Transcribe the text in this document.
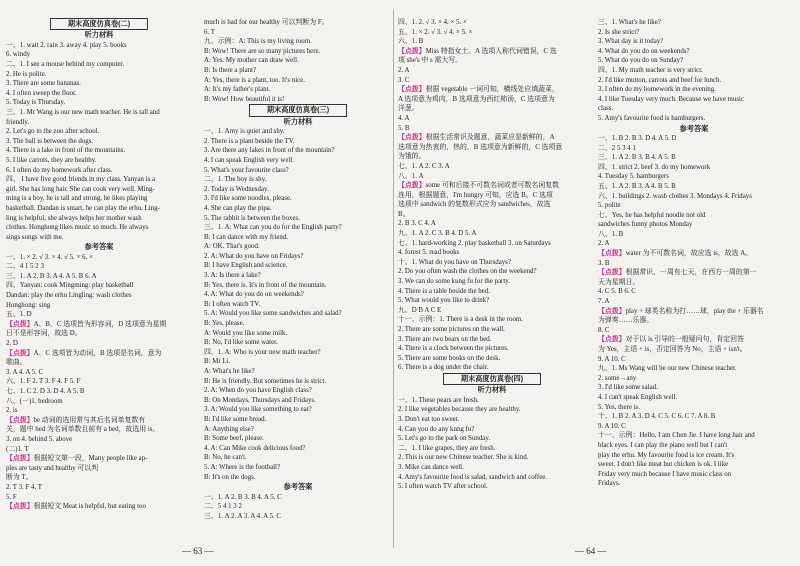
期末高度仿真卷(二)
听力材料
一、1. wait 2. rain 3. away 4. play 5. books
6. windy
二、1. I see a mouse behind my computer.
2. He is polite.
3. There are some bananas.
4. I often sweep the floor.
5. Today is Thursday.
三、1. Mr Wang is our new math teacher. He is tall and
friendly.
2. Let's go to the zoo after school.
3. The ball is between the dogs.
4. There is a lake in front of the mountains.
5. I like carrots, they are healthy.
6. I often do my homework after class.
四、 I have five good friends in my class. Yanyan is a
girl. She has long hair. She can cook very well. Ming-
ming is a boy, he is tall and strong, he likes playing
basketball. Dandan is smart, he can play the erhu. Ling-
ling is helpful, she always helps her mother wash
clothes. Honghong likes music so much. He always
sings songs with me.
参考答案
一、1. × 2. √ 3. × 4. √ 5. × 6. ×
二、4 1 5 2 3
三、1. A 2. B 3. A 4. A 5. B 6. A
四、Yanyan: cook Mingming: play basketball
Dandan: play the erhu Lingling: wash clothes
Honghong: sing
五、1. D
【点拨】A、B、C 选项皆为形容词，D 选项意为星期
日不是形容词，故选 D。
2. D
【点拨】A、C 选项皆为动词，B 选项是名词，意为
歌曲。
3. A 4. A 5. C
六、1. F 2. T 3. F 4. F 5. F
七、1. C 2. D 3. D 4. A 5. B
八、(一)1. bedroom
2. is
【点拨】be 动词的选用常与其后名词单复数有
关，题中 bed 为名词单数且前有 a bed，故选用 is。
3. on 4. behind 5. above
(二)1. T
【点拨】根据短文第一段，Many people like ap-
ples are tasty and healthy 可以判
断为 T。
2. T 3. F 4. T
5. F
【点拨】根据短文 Meat is helpful, but eating too
much is bad for our healthy 可以判断为 F。
6. T
九、示例：A: This is my living room.
B: Wow! There are so many pictures here.
A: Yes. My mother can draw well.
B: Is there a plant?
A: Yes, there is a plant, too. It's nice.
A: It's my father's plant.
B: Wow! How beautiful it is!
期末高度仿真卷(三)
听力材料
一、1. Amy is quiet and shy.
2. There is a plant beside the TV.
3. Are there any lakes in front of the mountain?
4. I can speak English very well.
5. What's your favourite class?
二、1. The boy is shy.
2. Today is Wednesday.
3. I'd like some noodles, please.
4. She can play the pipa.
5. The rabbit is between the boxes.
三、1. A: What can you do for the English party?
B: I can dance with my friend.
A: OK. That's good.
2. A: What do you have on Fridays?
B: I have English and science.
3. A: Is there a lake?
B: Yes, there is. It's in front of the mountain.
4. A: What do you do on weekends?
B: I often watch TV.
5. A: Would you like some sandwiches and salad?
B: Yes, please.
A: Would you like some milk.
B: No, I'd like some water.
四、1. A: Who is your new math teacher?
B: Mr Li.
A: What's he like?
B: He is friendly. But sometimes he is strict.
2. A: When do you have English class?
B: On Mondays, Thursdays and Fridays.
3. A: Would you like something to eat?
B: I'd like some bread.
A: Anything else?
B: Some beef, please.
4. A: Can Mike cook delicious food?
B: No, he can't.
5. A: Where is the football?
B: It's on the dogs.
参考答案
一、1. A 2. B 3. B 4. A 5. C
二、5 4 1 3 2
三、1. A 2. A 3. A 4. A 5. C
四、1. 2. √ 3. × 4. × 5. ×
五、1. × 2. √ 3. √ 4. × 5. ×
六、1. B
【点拨】Miss 特指女士。A 选项人称代词错误，C 选
项 she's 中 s 需大写。
2. A
3. C
【点拨】根据 vegetable 一词可知，横线处应填蔬菜，
A 选项意为鸡肉，B 选项意为西红柿汤，C 选项意为
洋葱。
4. A
5. B
【点拨】根据生活常识及题意，蔬菜应是新鲜的，A
选项意为热衷的，热的，B 选项意为新鲜的，C 选项意
为饿的。
七、1. A 2. C 3. A
八、1. A
【点拨】some 可和后接不可数名词或者可数名词复数
连用，根据题意，I'm hungry 可知，应选 B。C 选项
选项中 sandwich 的复数形式应为 sandwiches，故选
B。
2. B 3. C 4. A
九、1. A 2. C 3. B 4. D 5. A
七、1. hard-working 2. play basketball 3. on Saturdays
4. forest 5. read books
十、1. What do you have on Thursdays?
2. Do you often wash the clothes on the weekend?
3. We can do some kung fu for the party.
4. There is a table beside the bed.
5. What would you like to drink?
九、D B A C E
十一、示例：1. There is a desk in the room.
2. There are some pictures on the wall.
3. There are two bears on the bed.
4. There is a clock between the pictures.
5. There are some books on the desk.
6. There is a dog under the chair.
期末高度仿真卷(四)
听力材料
一、1. These pears are fresh.
2. I like vegetables because they are healthy.
3. Don't eat too sweet.
4. Can you do any kung fu?
5. Let's go to the park on Sunday.
二、1. I like grapes, they are fresh.
2. This is our new Chinese teacher. She is kind.
3. Mike can dance well.
4. Amy's favourite food is salad, sandwich and coffee.
5. I often watch TV after school.
三、1. What's he like?
2. Is she strict?
3. What day is it today?
4. What do you do on weekends?
5. What do you do on Sunday?
四、1. My math teacher is very strict.
2. I'd like mutton, carrots and beef for lunch.
3. I often do my homework in the evening.
4. I like Tuesday very much. Because we have music
class.
5. Amy's favourite food is hamburgers.
参考答案
一、1. B 2. B 3. D 4. A 5. D
二、2 5 3 4 1
三、1. A 2. B 3. B 4. A 5. B
四、1. strict 2. beef 3. do my homework
4. Tuesday 5. hamburgers
五、1. A 2. B 3. A 4. B 5. B
六、1. buildings 2. wash clothes 3. Mondays 4. Fridays
5. polite
七、Yes, he has helpful noodle not old
sandwiches funny photos Monday
八、1. B
2. A
【点拨】water 为不可数名词，故应选 is，故选 A。
3. B
【点拨】根据常识，一周有七天，在西方一周的第一
天为星期日。
4. C 5. B 6. C
7. A
【点拨】play + 球类名称为打……球，play the + 乐器名
为弹奏……乐器。
8. C
【点拨】对于以 is 引导的一般疑问句，肯定回答
为 Yes，主语 + is，否定回答为 No，主语 + isn't。
9. A 10. C
九、1. Ms Wang will be our new Chinese teacher.
2. some→any
3. I'd like some salad.
4. I can't speak English well.
5. Yes, there is.
十、1. B 2. A 3. D 4. C 5. C 6. C 7. A 8. B
9. A 10. C
十一、示例：Hello, I am Chen Jie. I have long hair and
black eyes. I can play the piano well but I can't
play the erhu. My favourite food is ice cream. It's
sweet. I don't like meat but chicken is ok. I like
Friday very much because I have music class on
Fridays.
— 63 —	— 64 —
